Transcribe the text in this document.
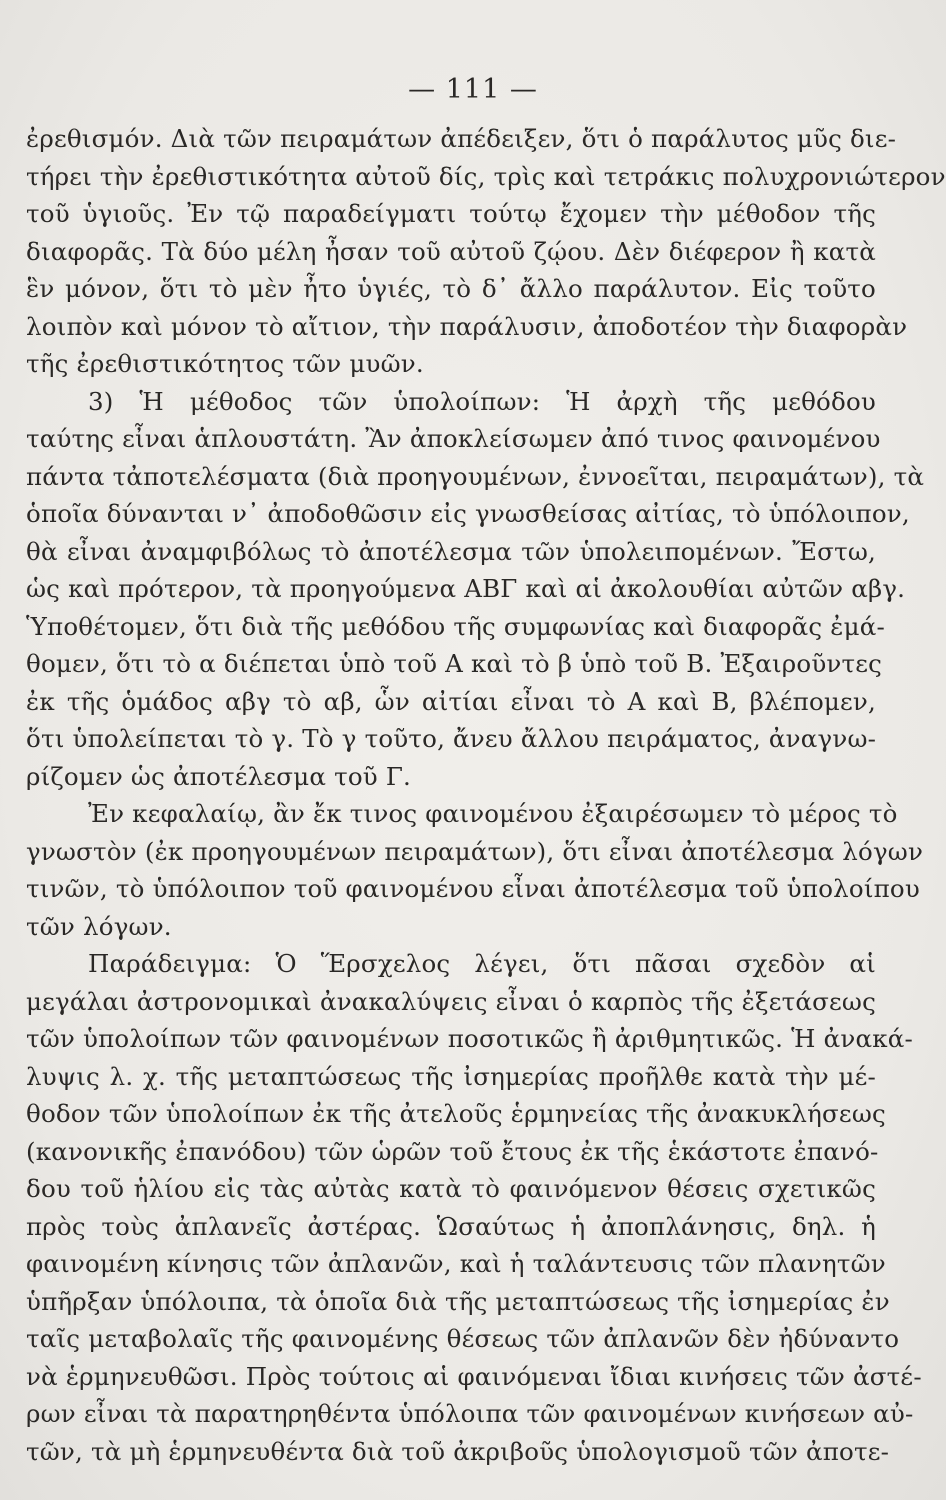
— 111 —
ἐρεθισμόν. Διὰ τῶν πειραμάτων ἀπέδειξεν, ὅτι ὁ παράλυτος μῦς διε-
τήρει τὴν ἐρεθιστικότητα αὐτοῦ δίς, τρὶς καὶ τετράκις πολυχρονιώτερον
τοῦ ὑγιοῦς. Ἐν τῷ παραδείγματι τούτῳ ἔχομεν τὴν μέθοδον τῆς
διαφορᾶς. Τὰ δύο μέλη ἦσαν τοῦ αὐτοῦ ζῴου. Δὲν διέφερον ἢ κατὰ
ἓν μόνον, ὅτι τὸ μὲν ἦτο ὑγιές, τὸ δ᾽ ἄλλο παράλυτον. Εἰς τοῦτο
λοιπὸν καὶ μόνον τὸ αἴτιον, τὴν παράλυσιν, ἀποδοτέον τὴν διαφορὰν
τῆς ἐρεθιστικότητος τῶν μυῶν.
3) Ἡ μέθοδος τῶν ὑπολοίπων: Ἡ ἀρχὴ τῆς μεθόδου
ταύτης εἶναι ἁπλουστάτη. Ἂν ἀποκλείσωμεν ἀπό τινος φαινομένου
πάντα τἀποτελέσματα (διὰ προηγουμένων, ἐννοεῖται, πειραμάτων), τὰ
ὁποῖα δύνανται ν᾽ ἀποδοθῶσιν εἰς γνωσθείσας αἰτίας, τὸ ὑπόλοιπον,
θὰ εἶναι ἀναμφιβόλως τὸ ἀποτέλεσμα τῶν ὑπολειπομένων. Ἔστω,
ὡς καὶ πρότερον, τὰ προηγούμενα ΑΒΓ καὶ αἱ ἀκολουθίαι αὐτῶν αβγ.
Ὑποθέτομεν, ὅτι διὰ τῆς μεθόδου τῆς συμφωνίας καὶ διαφορᾶς ἐμά-
θομεν, ὅτι τὸ α διέπεται ὑπὸ τοῦ Α καὶ τὸ β ὑπὸ τοῦ Β. Ἐξαιροῦντες
ἐκ τῆς ὁμάδος αβγ τὸ αβ, ὧν αἰτίαι εἶναι τὸ Α καὶ Β, βλέπομεν,
ὅτι ὑπολείπεται τὸ γ. Τὸ γ τοῦτο, ἄνευ ἄλλου πειράματος, ἀναγνω-
ρίζομεν ὡς ἀποτέλεσμα τοῦ Γ.
Ἐν κεφαλαίῳ, ἂν ἔκ τινος φαινομένου ἐξαιρέσωμεν τὸ μέρος τὸ
γνωστὸν (ἐκ προηγουμένων πειραμάτων), ὅτι εἶναι ἀποτέλεσμα λόγων
τινῶν, τὸ ὑπόλοιπον τοῦ φαινομένου εἶναι ἀποτέλεσμα τοῦ ὑπολοίπου
τῶν λόγων.
Παράδειγμα: Ὁ Ἕρσχελος λέγει, ὅτι πᾶσαι σχεδὸν αἱ
μεγάλαι ἀστρονομικαὶ ἀνακαλύψεις εἶναι ὁ καρπὸς τῆς ἐξετάσεως
τῶν ὑπολοίπων τῶν φαινομένων ποσοτικῶς ἢ ἀριθμητικῶς. Ἡ ἀνακά-
λυψις λ. χ. τῆς μεταπτώσεως τῆς ἰσημερίας προῆλθε κατὰ τὴν μέ-
θοδον τῶν ὑπολοίπων ἐκ τῆς ἀτελοῦς ἑρμηνείας τῆς ἀνακυκλήσεως
(κανονικῆς ἐπανόδου) τῶν ὡρῶν τοῦ ἔτους ἐκ τῆς ἑκάστοτε ἐπανό-
δου τοῦ ἡλίου εἰς τὰς αὐτὰς κατὰ τὸ φαινόμενον θέσεις σχετικῶς
πρὸς τοὺς ἀπλανεῖς ἀστέρας. Ὡσαύτως ἡ ἀποπλάνησις, δηλ. ἡ
φαινομένη κίνησις τῶν ἀπλανῶν, καὶ ἡ ταλάντευσις τῶν πλανητῶν
ὑπῆρξαν ὑπόλοιπα, τὰ ὁποῖα διὰ τῆς μεταπτώσεως τῆς ἰσημερίας ἐν
ταῖς μεταβολαῖς τῆς φαινομένης θέσεως τῶν ἀπλανῶν δὲν ἠδύναντο
νὰ ἑρμηνευθῶσι. Πρὸς τούτοις αἱ φαινόμεναι ἴδιαι κινήσεις τῶν ἀστέ-
ρων εἶναι τὰ παρατηρηθέντα ὑπόλοιπα τῶν φαινομένων κινήσεων αὐ-
τῶν, τὰ μὴ ἑρμηνευθέντα διὰ τοῦ ἀκριβοῦς ὑπολογισμοῦ τῶν ἀποτε-
